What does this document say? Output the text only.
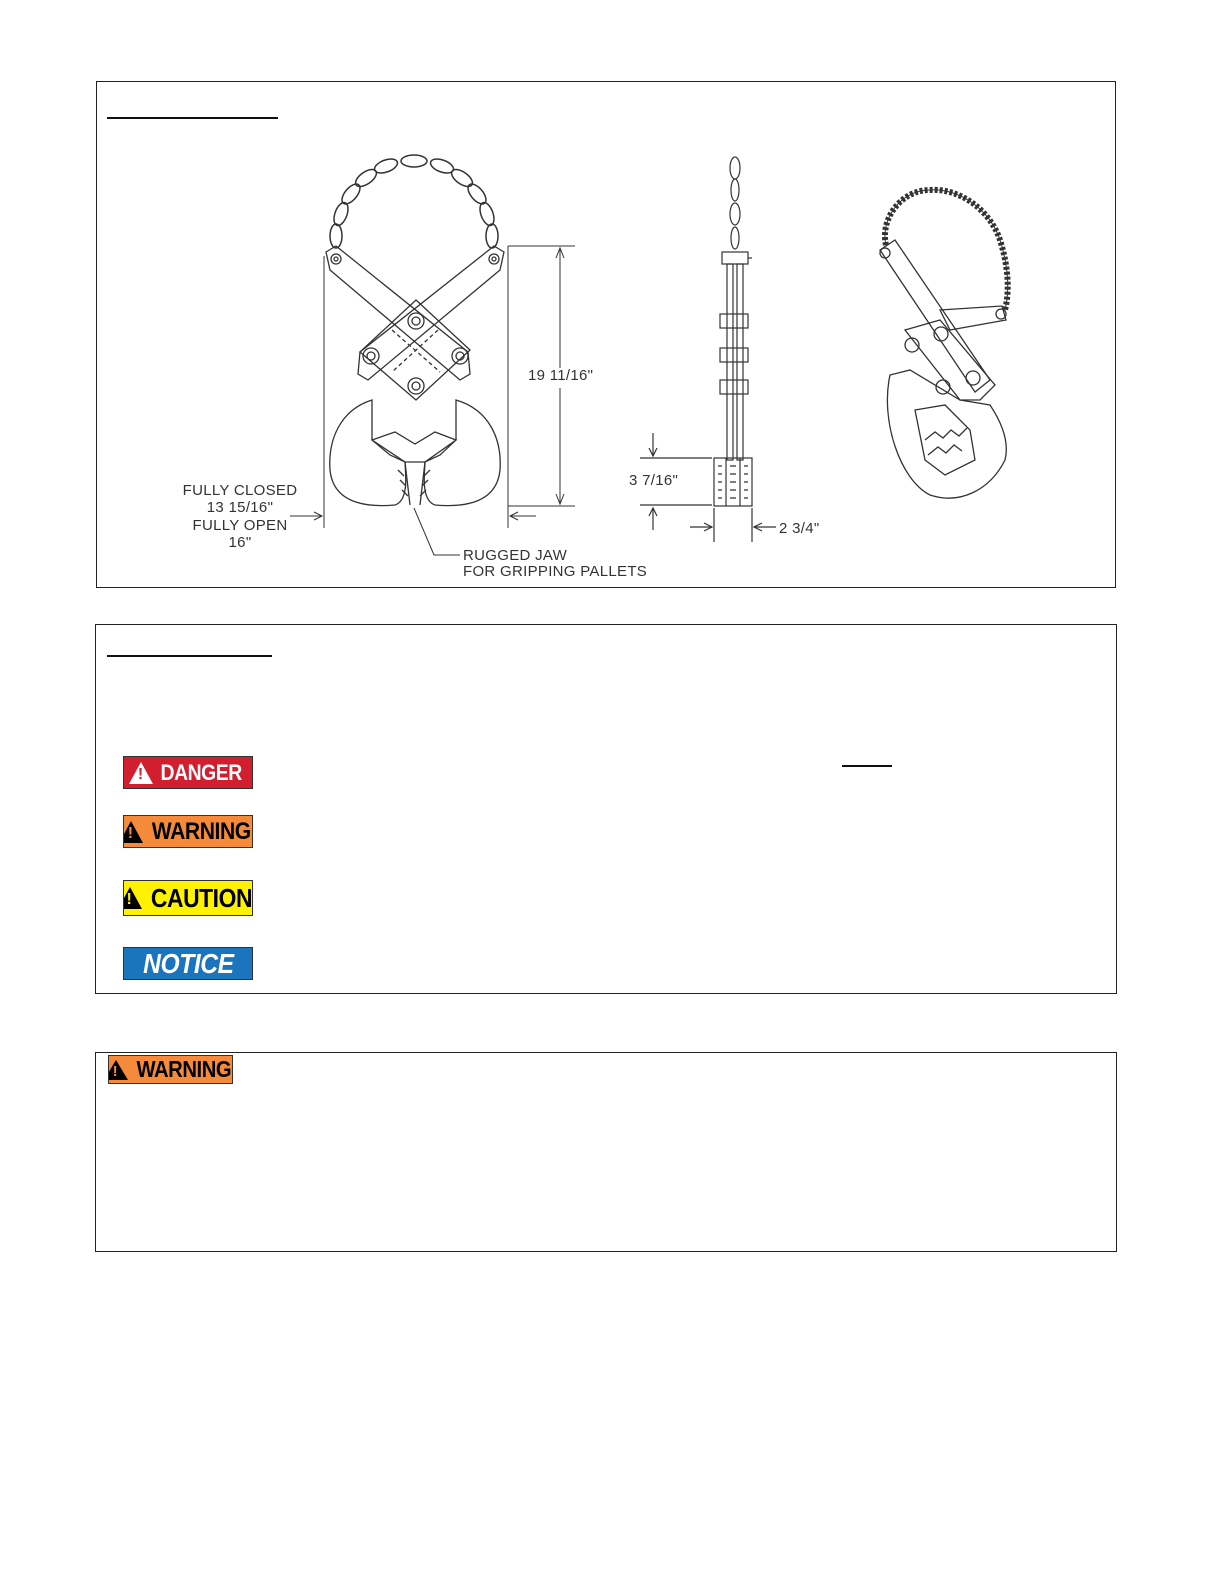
19 11/16"
FULLY CLOSED
13 15/16"
FULLY OPEN
16"
RUGGED JAW
FOR GRIPPING PALLETS
3 7/16"
2 3/4"
! DANGER
! WARNING
! CAUTION
NOTICE
! WARNING
